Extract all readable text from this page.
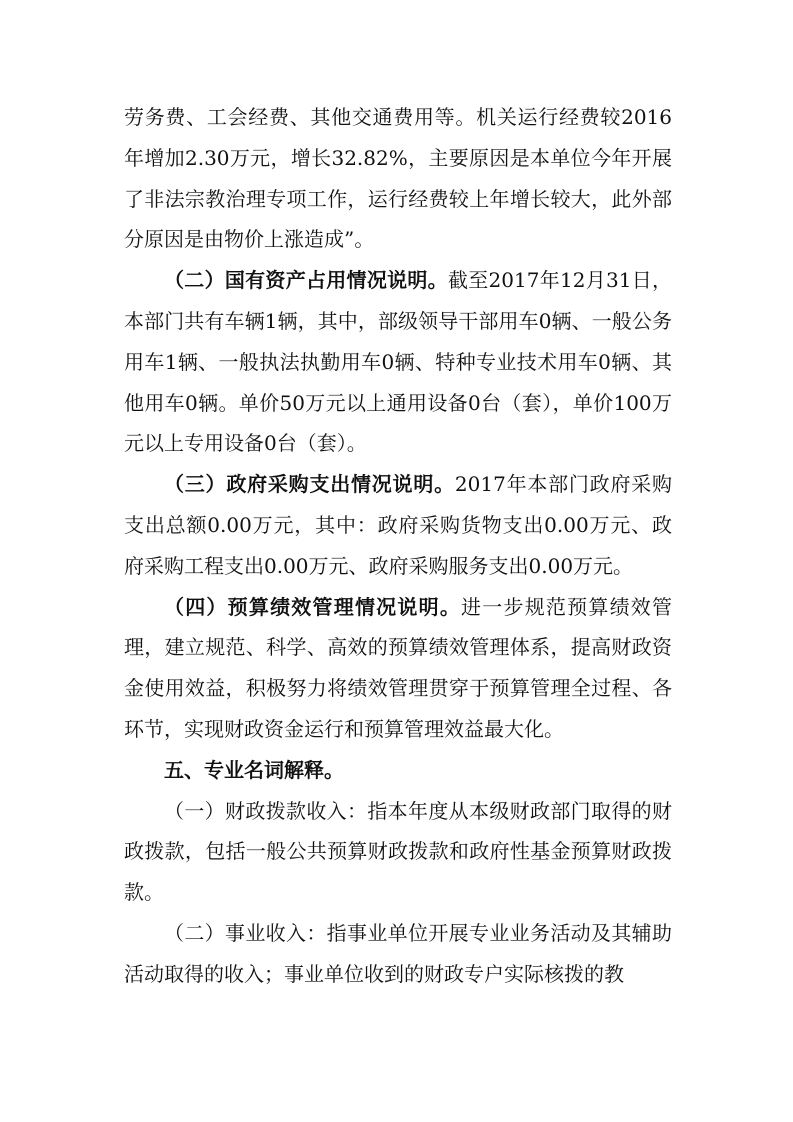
劳务费、工会经费、其他交通费用等。机关运行经费较2016年增加2.30万元，增长32.82%，主要原因是本单位今年开展了非法宗教治理专项工作，运行经费较上年增长较大，此外部分原因是由物价上涨造成”。

（二）国有资产占用情况说明。截至2017年12月31日，本部门共有车辆1辆，其中，部级领导干部用车0辆、一般公务用车1辆、一般执法执勤用车0辆、特种专业技术用车0辆、其他用车0辆。单价50万元以上通用设备0台（套），单价100万元以上专用设备0台（套）。

（三）政府采购支出情况说明。2017年本部门政府采购支出总额0.00万元，其中：政府采购货物支出0.00万元、政府采购工程支出0.00万元、政府采购服务支出0.00万元。

（四）预算绩效管理情况说明。进一步规范预算绩效管理，建立规范、科学、高效的预算绩效管理体系，提高财政资金使用效益，积极努力将绩效管理贯穿于预算管理全过程、各环节，实现财政资金运行和预算管理效益最大化。

五、专业名词解释。

（一）财政拨款收入：指本年度从本级财政部门取得的财政拨款，包括一般公共预算财政拨款和政府性基金预算财政拨款。

（二）事业收入：指事业单位开展专业业务活动及其辅助活动取得的收入；事业单位收到的财政专户实际核拨的教
